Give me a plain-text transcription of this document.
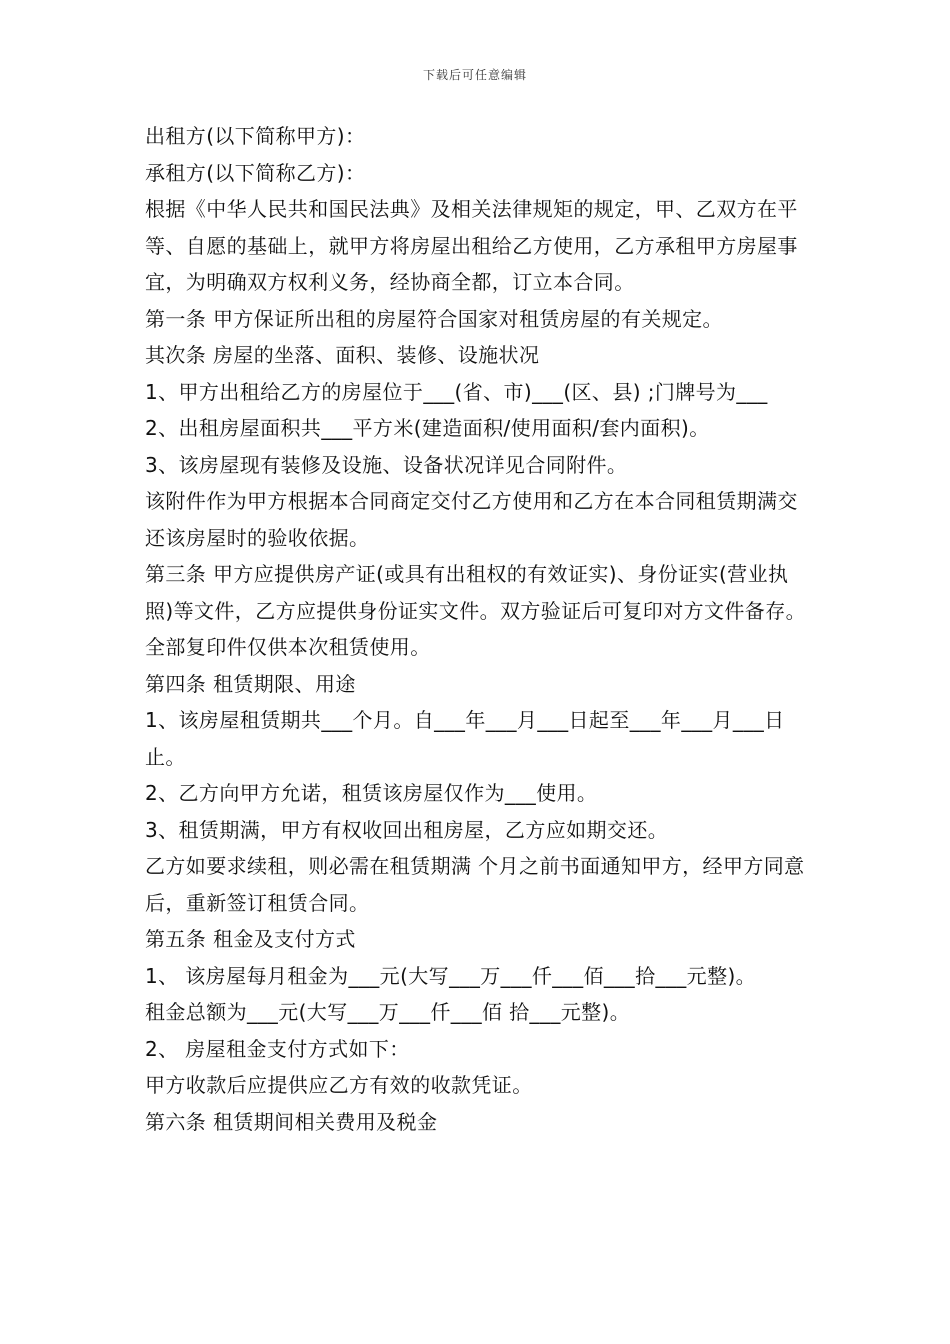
下载后可任意编辑

出租方(以下简称甲方)：

承租方(以下简称乙方)：

根据《中华人民共和国民法典》及相关法律规矩的规定，甲、乙双方在平等、自愿的基础上，就甲方将房屋出租给乙方使用，乙方承租甲方房屋事宜，为明确双方权利义务，经协商全都，订立本合同。

第一条 甲方保证所出租的房屋符合国家对租赁房屋的有关规定。

其次条 房屋的坐落、面积、装修、设施状况

1、甲方出租给乙方的房屋位于___(省、市)___(区、县) ;门牌号为___

2、出租房屋面积共___平方米(建造面积/使用面积/套内面积)。

3、该房屋现有装修及设施、设备状况详见合同附件。

该附件作为甲方根据本合同商定交付乙方使用和乙方在本合同租赁期满交还该房屋时的验收依据。

第三条 甲方应提供房产证(或具有出租权的有效证实)、身份证实(营业执照)等文件，乙方应提供身份证实文件。双方验证后可复印对方文件备存。全部复印件仅供本次租赁使用。

第四条 租赁期限、用途

1、该房屋租赁期共___个月。自___年___月___日起至___年___月___日止。

2、乙方向甲方允诺，租赁该房屋仅作为___使用。

3、租赁期满，甲方有权收回出租房屋，乙方应如期交还。

乙方如要求续租，则必需在租赁期满 个月之前书面通知甲方，经甲方同意后，重新签订租赁合同。

第五条 租金及支付方式

1、 该房屋每月租金为___元(大写___万___仟___佰___拾___元整)。

租金总额为___元(大写___万___仟___佰 拾___元整)。

2、 房屋租金支付方式如下：

甲方收款后应提供应乙方有效的收款凭证。

第六条 租赁期间相关费用及税金
